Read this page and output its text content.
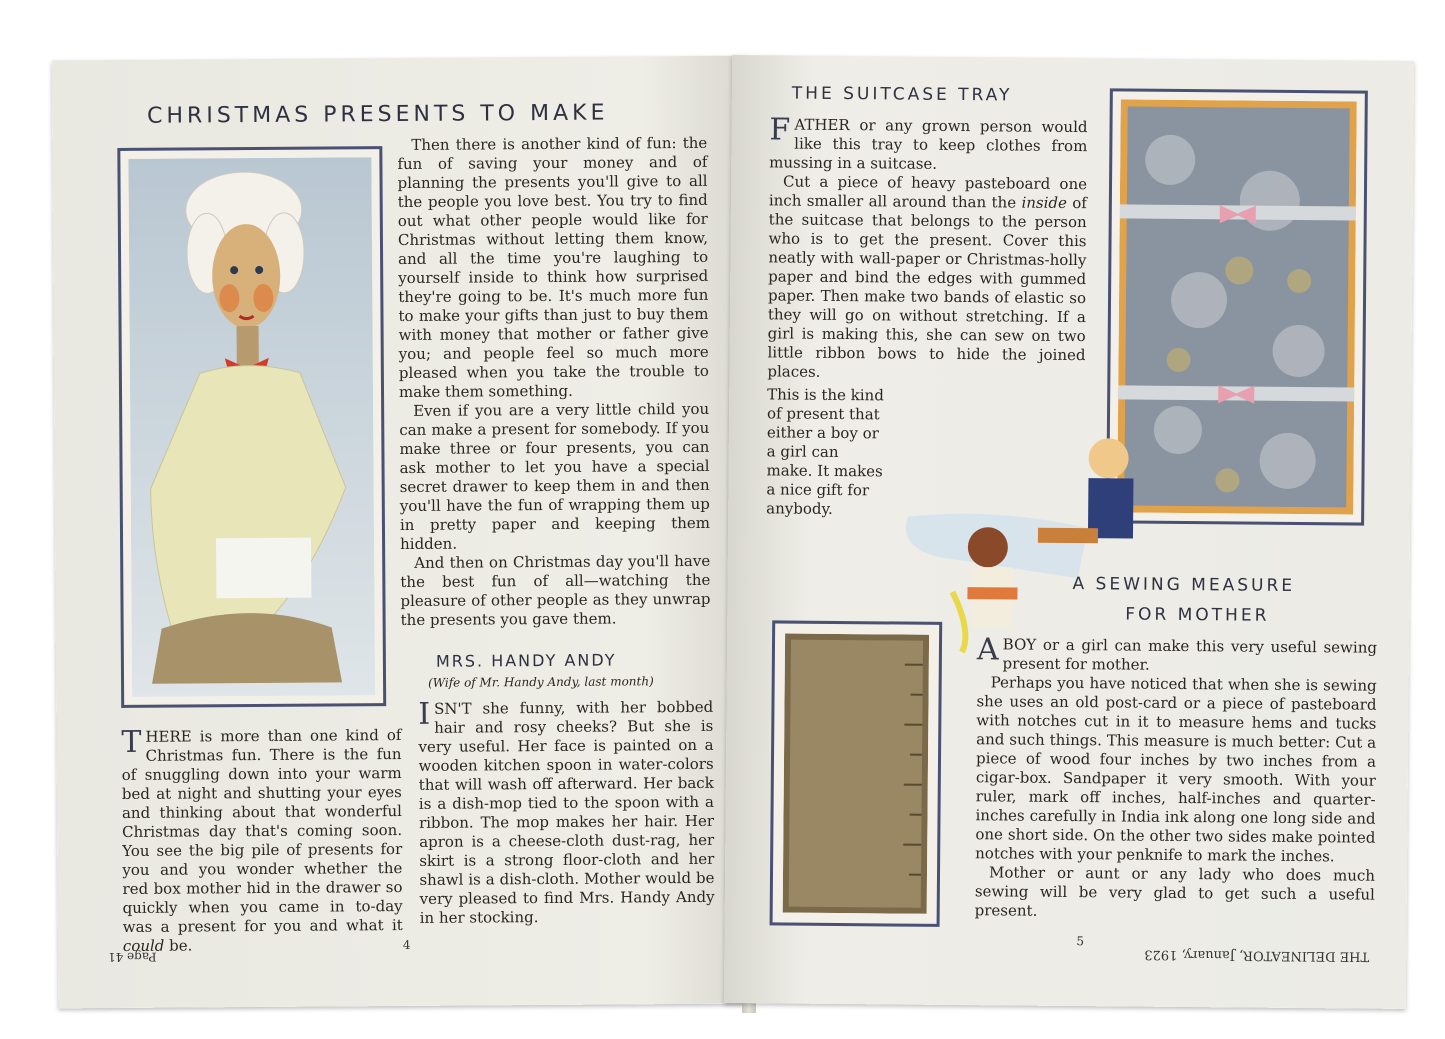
CHRISTMAS PRESENTS TO MAKE

Then there is another kind of fun: the fun of saving your money and of planning the presents you'll give to all the people you love best. You try to find out what other people would like for Christmas without letting them know, and all the time you're laughing to yourself inside to think how surprised they're going to be. It's much more fun to make your gifts than just to buy them with money that mother or father give you; and people feel so much more pleased when you take the trouble to make them something.

Even if you are a very little child you can make a present for somebody. If you make three or four presents, you can ask mother to let you have a special secret drawer to keep them in and then you'll have the fun of wrapping them up in pretty paper and keeping them hidden.

And then on Christmas day you'll have the best fun of all—watching the pleasure of other people as they unwrap the presents you gave them.

THERE is more than one kind of Christmas fun. There is the fun of snuggling down into your warm bed at night and shutting your eyes and thinking about that wonderful Christmas day that's coming soon. You see the big pile of presents for you and you wonder whether the red box mother hid in the drawer so quickly when you came in to-day was a present for you and what it could be.
MRS. HANDY ANDY
(Wife of Mr. Handy Andy, last month)
ISN'T she funny, with her bobbed hair and rosy cheeks? But she is very useful. Her face is painted on a wooden kitchen spoon in water-colors that will wash off afterward. Her back is a dish-mop tied to the spoon with a ribbon. The mop makes her hair. Her apron is a cheese-cloth dust-rag, her skirt is a strong floor-cloth and her shawl is a dish-cloth. Mother would be very pleased to find Mrs. Handy Andy in her stocking.
4
Page 41
THE SUITCASE TRAY
FATHER or any grown person would like this tray to keep clothes from mussing in a suitcase.

Cut a piece of heavy pasteboard one inch smaller all around than the inside of the suitcase that belongs to the person who is to get the present. Cover this neatly with wall-paper or Christmas-holly paper and bind the edges with gummed paper. Then make two bands of elastic so they will go on without stretching. If a girl is making this, she can sew on two little ribbon bows to hide the joined places.

This is the kind of present that either a boy or a girl can make. It makes a nice gift for anybody.
A SEWING MEASURE
FOR MOTHER
A BOY or a girl can make this very useful sewing present for mother.

Perhaps you have noticed that when she is sewing she uses an old post-card or a piece of pasteboard with notches cut in it to measure hems and tucks and such things. This measure is much better: Cut a piece of wood four inches by two inches from a cigar-box. Sandpaper it very smooth. With your ruler, mark off inches, half-inches and quarter-inches carefully in India ink along one long side and one short side. On the other two sides make pointed notches with your penknife to mark the inches.

Mother or aunt or any lady who does much sewing will be very glad to get such a useful present.

5
THE DELINEATOR, January, 1923
